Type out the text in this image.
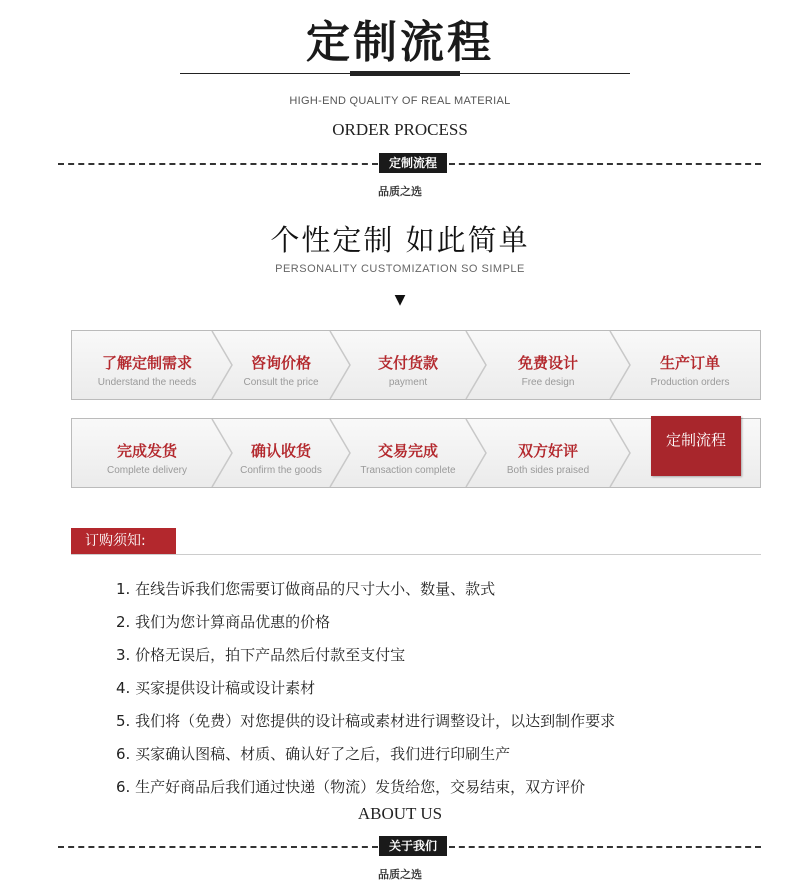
定制流程
HIGH-END QUALITY OF REAL MATERIAL
ORDER PROCESS
定制流程
品质之选
个性定制 如此简单
PERSONALITY CUSTOMIZATION SO SIMPLE
▼
了解定制需求
Understand the needs
咨询价格
Consult the price
支付货款
payment
免费设计
Free design
生产订单
Production orders
完成发货
Complete delivery
确认收货
Confirm the goods
交易完成
Transaction complete
双方好评
Both sides praised
定制流程
订购须知:
1. 在线告诉我们您需要订做商品的尺寸大小、数量、款式
2. 我们为您计算商品优惠的价格
3. 价格无误后，拍下产品然后付款至支付宝
4. 买家提供设计稿或设计素材
5. 我们将（免费）对您提供的设计稿或素材进行调整设计，以达到制作要求
6. 买家确认图稿、材质、确认好了之后，我们进行印刷生产
6. 生产好商品后我们通过快递（物流）发货给您，交易结束，双方评价
ABOUT US
关于我们
品质之选
